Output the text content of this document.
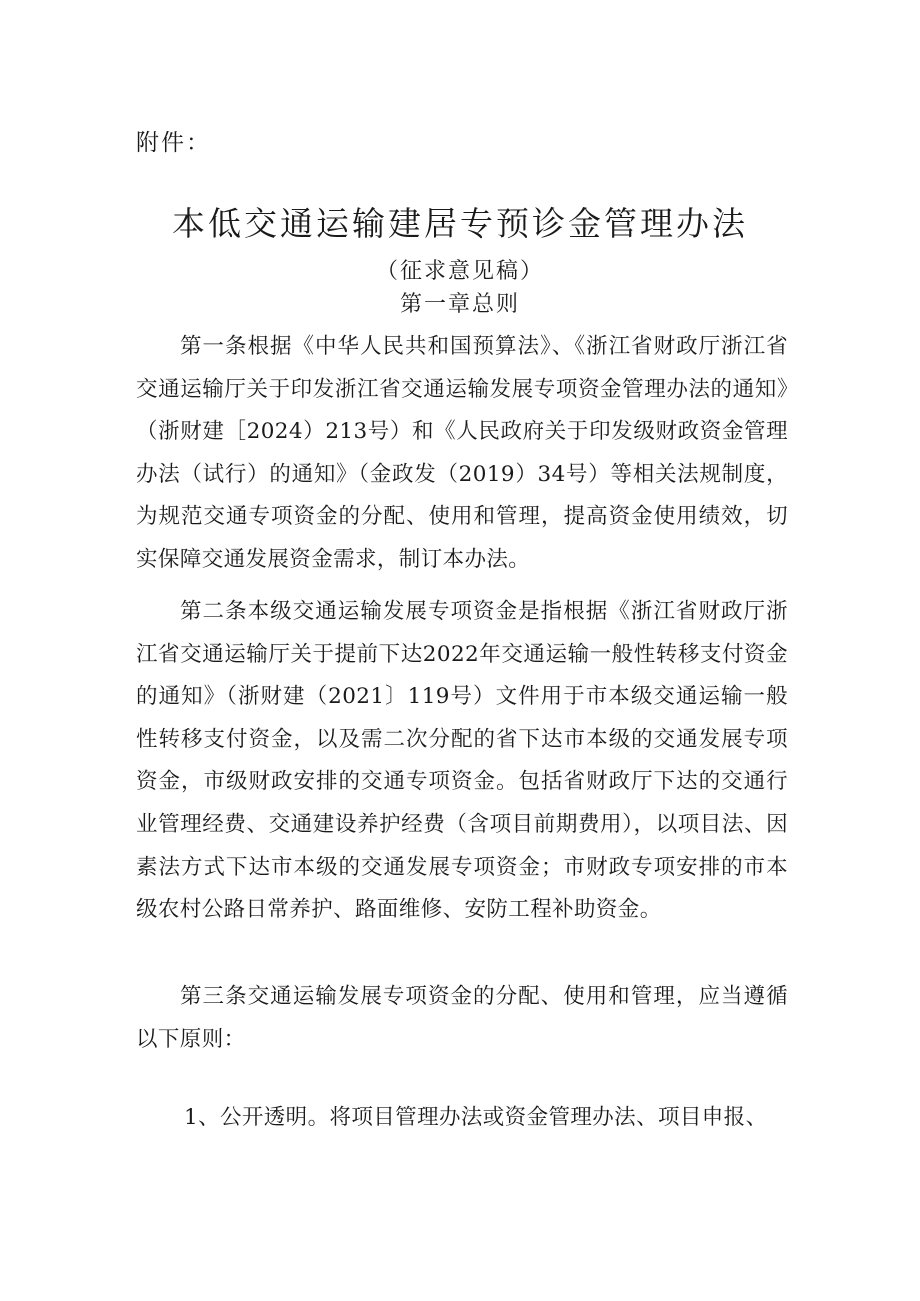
附件：
本低交通运输建居专预诊金管理办法
（征求意见稿）
第一章总则

第一条根据《中华人民共和国预算法》、《浙江省财政厅浙江省交通运输厅关于印发浙江省交通运输发展专项资金管理办法的通知》（浙财建［2024）213号）和《人民政府关于印发级财政资金管理办法（试行）的通知》（金政发（2019）34号）等相关法规制度，为规范交通专项资金的分配、使用和管理，提高资金使用绩效，切实保障交通发展资金需求，制订本办法。

第二条本级交通运输发展专项资金是指根据《浙江省财政厅浙江省交通运输厅关于提前下达2022年交通运输一般性转移支付资金的通知》（浙财建（2021〕119号）文件用于市本级交通运输一般性转移支付资金，以及需二次分配的省下达市本级的交通发展专项资金，市级财政安排的交通专项资金。包括省财政厅下达的交通行业管理经费、交通建设养护经费（含项目前期费用），以项目法、因素法方式下达市本级的交通发展专项资金；市财政专项安排的市本级农村公路日常养护、路面维修、安防工程补助资金。

第三条交通运输发展专项资金的分配、使用和管理，应当遵循以下原则：

1、公开透明。将项目管理办法或资金管理办法、项目申报、
